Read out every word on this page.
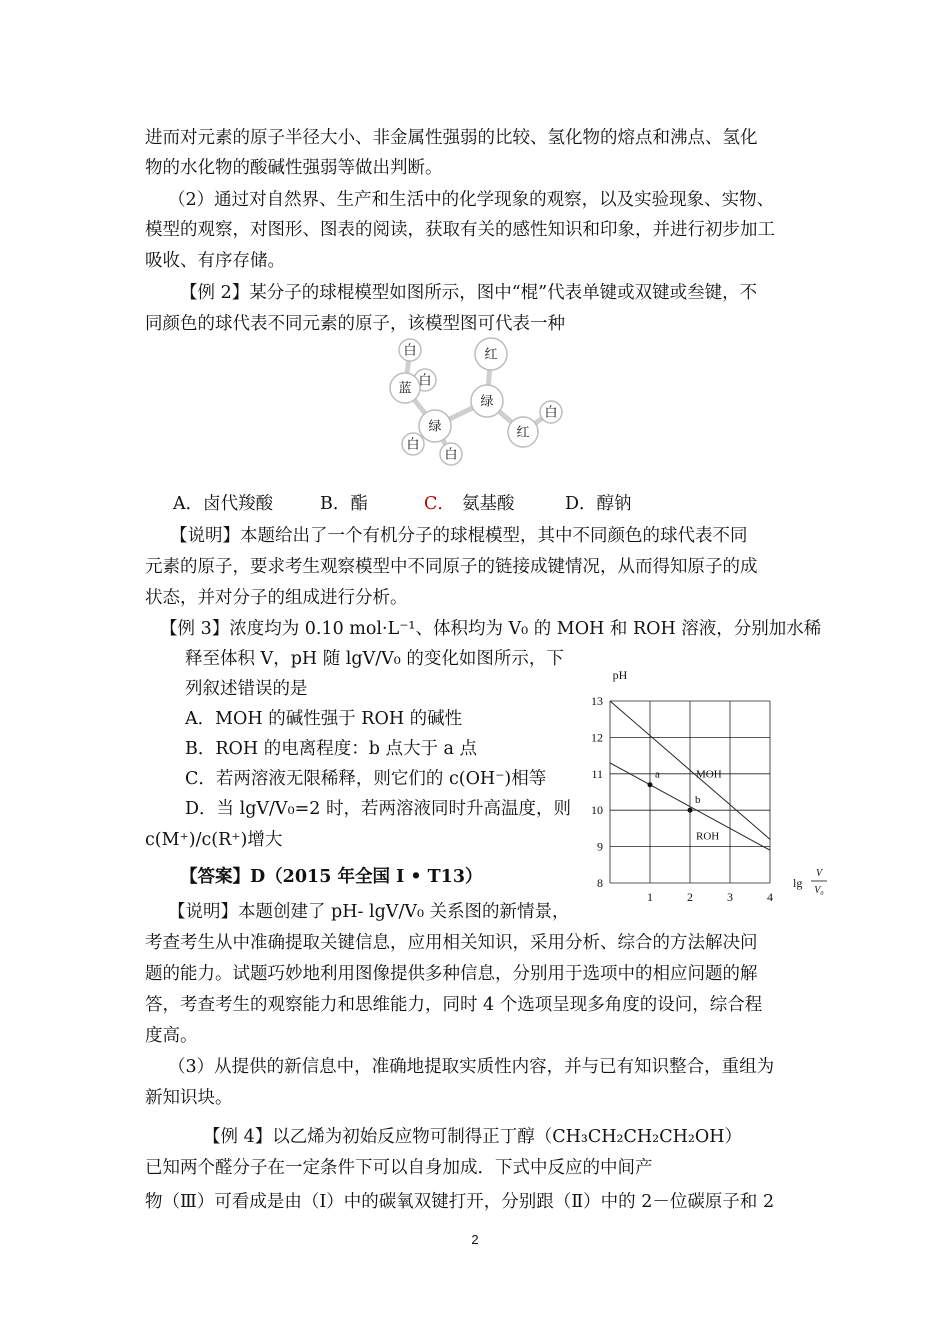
进而对元素的原子半径大小、非金属性强弱的比较、氢化物的熔点和沸点、氢化
物的水化物的酸碱性强弱等做出判断。
（2）通过对自然界、生产和生活中的化学现象的观察，以及实验现象、实物、
模型的观察，对图形、图表的阅读，获取有关的感性知识和印象，并进行初步加工
吸收、有序存储。
【例 2】某分子的球棍模型如图所示，图中“棍”代表单键或双键或叁键，不
同颜色的球代表不同元素的原子，该模型图可代表一种
白
白
蓝
红
绿
白
红
白
绿
白
A．卤代羧酸	B．酯	C． 氨基酸	D．醇钠
【说明】本题给出了一个有机分子的球棍模型，其中不同颜色的球代表不同
元素的原子，要求考生观察模型中不同原子的链接成键情况，从而得知原子的成
状态，并对分子的组成进行分析。
【例 3】浓度均为 0.10 mol·L⁻¹、体积均为 V₀ 的 MOH 和 ROH 溶液，分别加水稀
释至体积 V，pH 随 lgV/V₀ 的变化如图所示，下
列叙述错误的是
A．MOH 的碱性强于 ROH 的碱性
B．ROH 的电离程度：b 点大于 a 点
C．若两溶液无限稀释，则它们的 c(OH⁻)相等
D．当 lgV/V₀=2 时，若两溶液同时升高温度，则
c(M⁺)/c(R⁺)增大
【答案】D（2015 年全国 I • T13）
【说明】本题创建了 pH- lgV/V₀ 关系图的新情景，
考查考生从中准确提取关键信息，应用相关知识，采用分析、综合的方法解决问
题的能力。试题巧妙地利用图像提供多种信息，分别用于选项中的相应问题的解
答，考查考生的观察能力和思维能力，同时 4 个选项呈现多角度的设问，综合程
度高。
MOH
ROH
a
b
8
9
10
11
12
13
1	2	3	4
pH
lg
V
V₀
（3）从提供的新信息中，准确地提取实质性内容，并与已有知识整合，重组为
新知识块。
【例 4】以乙烯为初始反应物可制得正丁醇（CH₃CH₂CH₂CH₂OH）
已知两个醛分子在一定条件下可以自身加成．下式中反应的中间产
物（Ⅲ）可看成是由（Ⅰ）中的碳氧双键打开，分别跟（Ⅱ）中的 2－位碳原子和 2
2
